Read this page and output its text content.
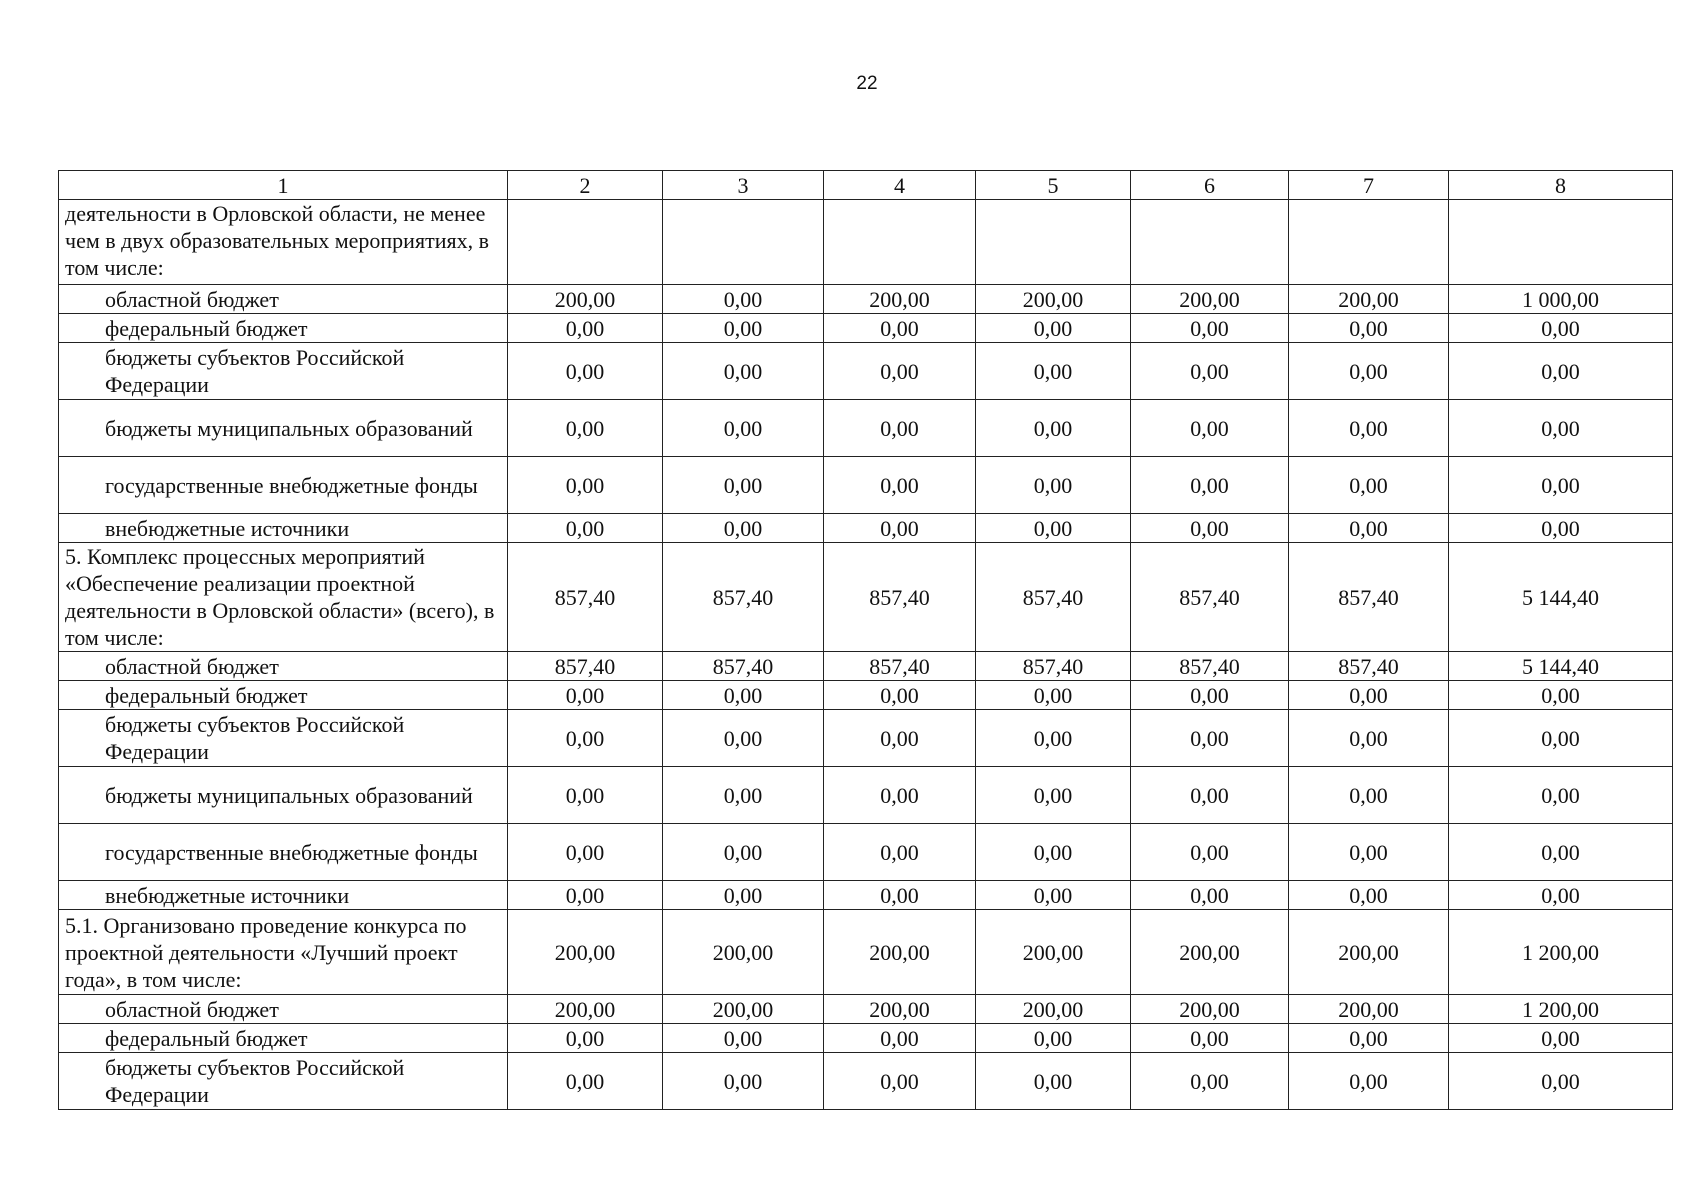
22
1	2	3	4	5	6	7	8
деятельности в Орловской области, не менее чем в двух образовательных мероприятиях, в том числе:							
областной бюджет	200,00	0,00	200,00	200,00	200,00	200,00	1 000,00
федеральный бюджет	0,00	0,00	0,00	0,00	0,00	0,00	0,00
бюджеты субъектов Российской Федерации	0,00	0,00	0,00	0,00	0,00	0,00	0,00
бюджеты муниципальных образований	0,00	0,00	0,00	0,00	0,00	0,00	0,00
государственные внебюджетные фонды	0,00	0,00	0,00	0,00	0,00	0,00	0,00
внебюджетные источники	0,00	0,00	0,00	0,00	0,00	0,00	0,00
5. Комплекс процессных мероприятий «Обеспечение реализации проектной деятельности в Орловской области» (всего), в том числе:	857,40	857,40	857,40	857,40	857,40	857,40	5 144,40
областной бюджет	857,40	857,40	857,40	857,40	857,40	857,40	5 144,40
федеральный бюджет	0,00	0,00	0,00	0,00	0,00	0,00	0,00
бюджеты субъектов Российской Федерации	0,00	0,00	0,00	0,00	0,00	0,00	0,00
бюджеты муниципальных образований	0,00	0,00	0,00	0,00	0,00	0,00	0,00
государственные внебюджетные фонды	0,00	0,00	0,00	0,00	0,00	0,00	0,00
внебюджетные источники	0,00	0,00	0,00	0,00	0,00	0,00	0,00
5.1. Организовано проведение конкурса по проектной деятельности «Лучший проект года», в том числе:	200,00	200,00	200,00	200,00	200,00	200,00	1 200,00
областной бюджет	200,00	200,00	200,00	200,00	200,00	200,00	1 200,00
федеральный бюджет	0,00	0,00	0,00	0,00	0,00	0,00	0,00
бюджеты субъектов Российской Федерации	0,00	0,00	0,00	0,00	0,00	0,00	0,00
